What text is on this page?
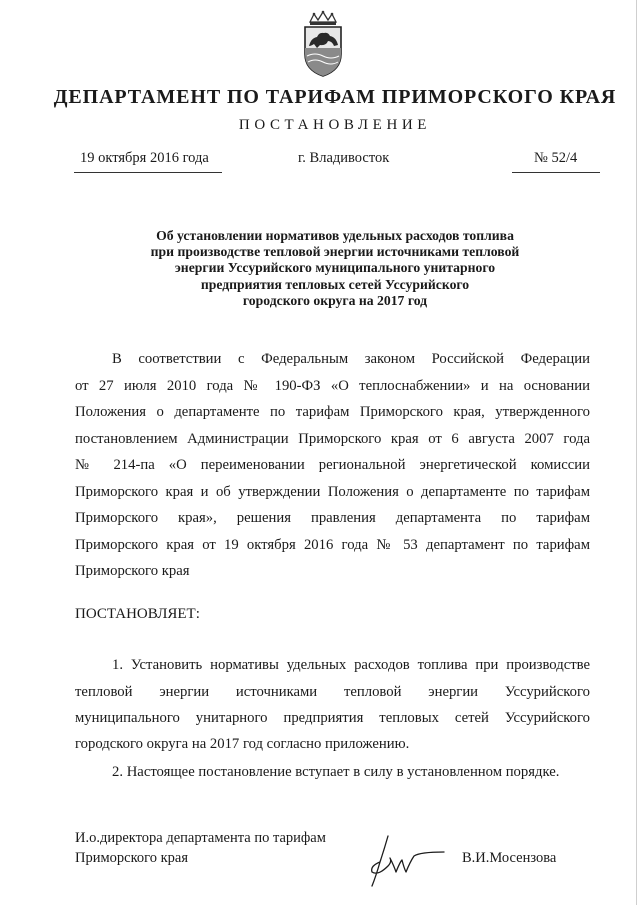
ДЕПАРТАМЕНТ ПО ТАРИФАМ ПРИМОРСКОГО КРАЯ
ПОСТАНОВЛЕНИЕ
19 октября 2016 года	г. Владивосток	№ 52/4
Об установлении нормативов удельных расходов топлива
при производстве тепловой энергии источниками тепловой
энергии Уссурийского муниципального унитарного
предприятия тепловых сетей Уссурийского
городского округа на 2017 год
В соответствии с Федеральным законом Российской Федерации
от 27 июля 2010 года № 190-ФЗ «О теплоснабжении» и на основании
Положения о департаменте по тарифам Приморского края, утвержденного
постановлением Администрации Приморского края от 6 августа 2007 года
№ 214-па «О переименовании региональной энергетической комиссии
Приморского края и об утверждении Положения о департаменте по тарифам
Приморского края», решения правления департамента по тарифам
Приморского края от 19 октября 2016 года № 53 департамент по тарифам
Приморского края
ПОСТАНОВЛЯЕТ:
1. Установить нормативы удельных расходов топлива при производстве
тепловой энергии источниками тепловой энергии Уссурийского
муниципального унитарного предприятия тепловых сетей Уссурийского
городского округа на 2017 год согласно приложению.
2. Настоящее постановление вступает в силу в установленном порядке.
И.о.директора департамента по тарифам
Приморского края	В.И.Мосензова
